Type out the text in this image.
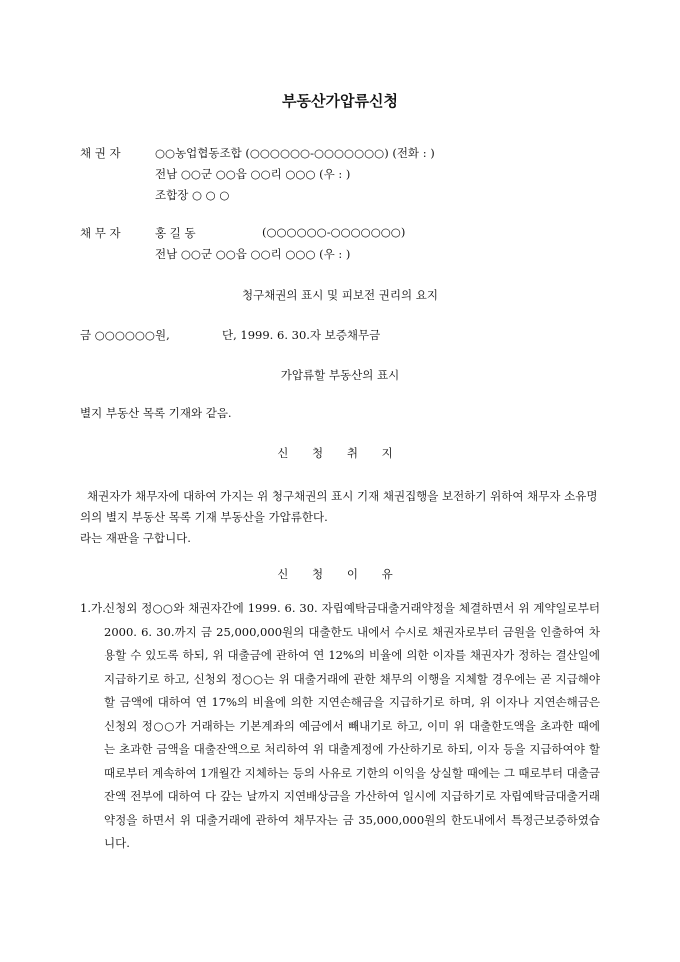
부동산가압류신청
채 권 자	○○농업협동조합 (○○○○○○-○○○○○○○) (전화 : )
전남 ○○군 ○○읍 ○○리 ○○○ (우 : )
조합장 ○ ○ ○
채 무 자	홍 길 동	(○○○○○○-○○○○○○○)
전남 ○○군 ○○읍 ○○리 ○○○ (우 : )
청구채권의 표시 및 피보전 권리의 요지
금 ○○○○○○원,	단, 1999. 6. 30.자 보증채무금
가압류할 부동산의 표시
별지 부동산 목록 기재와 같음.
신 청 취 지

채권자가 채무자에 대하여 가지는 위 청구채권의 표시 기재 채권집행을 보전하기 위하여 채무자 소유명의의 별지 부동산 목록 기재 부동산을 가압류한다.

라는 재판을 구합니다.

신 청 이 유
1. 가.
신청외 정○○와 채권자간에 1999. 6. 30. 자립예탁금대출거래약정을 체결하면서 위 계약일로부터 2000. 6. 30.까지 금 25,000,000원의 대출한도 내에서 수시로 채권자로부터 금원을 인출하여 차용할 수 있도록 하되, 위 대출금에 관하여 연 12%의 비율에 의한 이자를 채권자가 정하는 결산일에 지급하기로 하고, 신청외 정○○는 위 대출거래에 관한 채무의 이행을 지체할 경우에는 곧 지급해야 할 금액에 대하여 연 17%의 비율에 의한 지연손해금을 지급하기로 하며, 위 이자나 지연손해금은 신청외 정○○가 거래하는 기본계좌의 예금에서 빼내기로 하고, 이미 위 대출한도액을 초과한 때에는 초과한 금액을 대출잔액으로 처리하여 위 대출계정에 가산하기로 하되, 이자 등을 지급하여야 할 때로부터 계속하여 1개월간 지체하는 등의 사유로 기한의 이익을 상실할 때에는 그 때로부터 대출금잔액 전부에 대하여 다 갚는 날까지 지연배상금을 가산하여 일시에 지급하기로 자립예탁금대출거래약정을 하면서 위 대출거래에 관하여 채무자는 금 35,000,000원의 한도내에서 특정근보증하였습니다.
